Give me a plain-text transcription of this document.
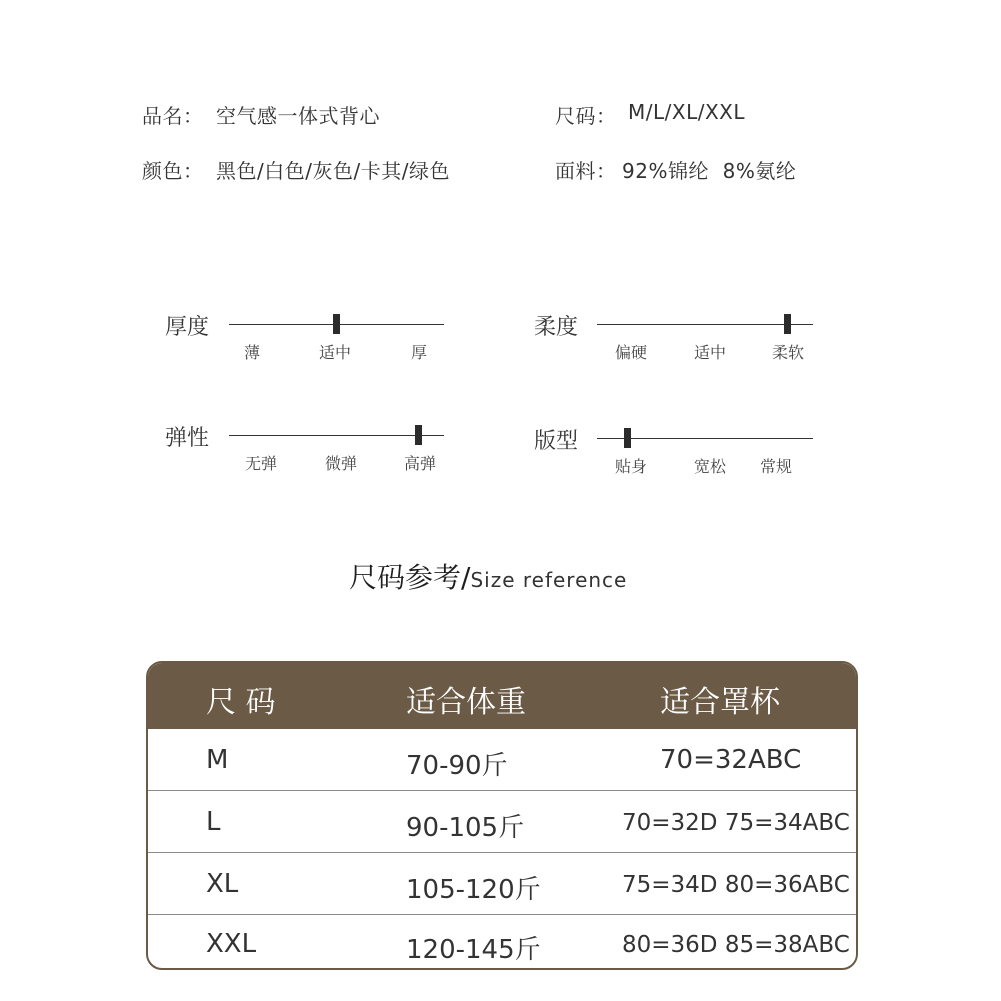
品名： 空气感一体式背心	尺码： M/L/XL/XXL
颜色： 黑色/白色/灰色/卡其/绿色	面料： 92%锦纶  8%氨纶
厚度
薄	适中	厚
柔度
偏硬	适中	柔软
弹性
无弹	微弹	高弹
版型
贴身	宽松 常规
尺码参考/Size reference
尺 码	适合体重	适合罩杯
M	70-90斤	70=32ABC
L	90-105斤	70=32D 75=34ABC
XL	105-120斤	75=34D 80=36ABC
XXL	120-145斤	80=36D 85=38ABC
